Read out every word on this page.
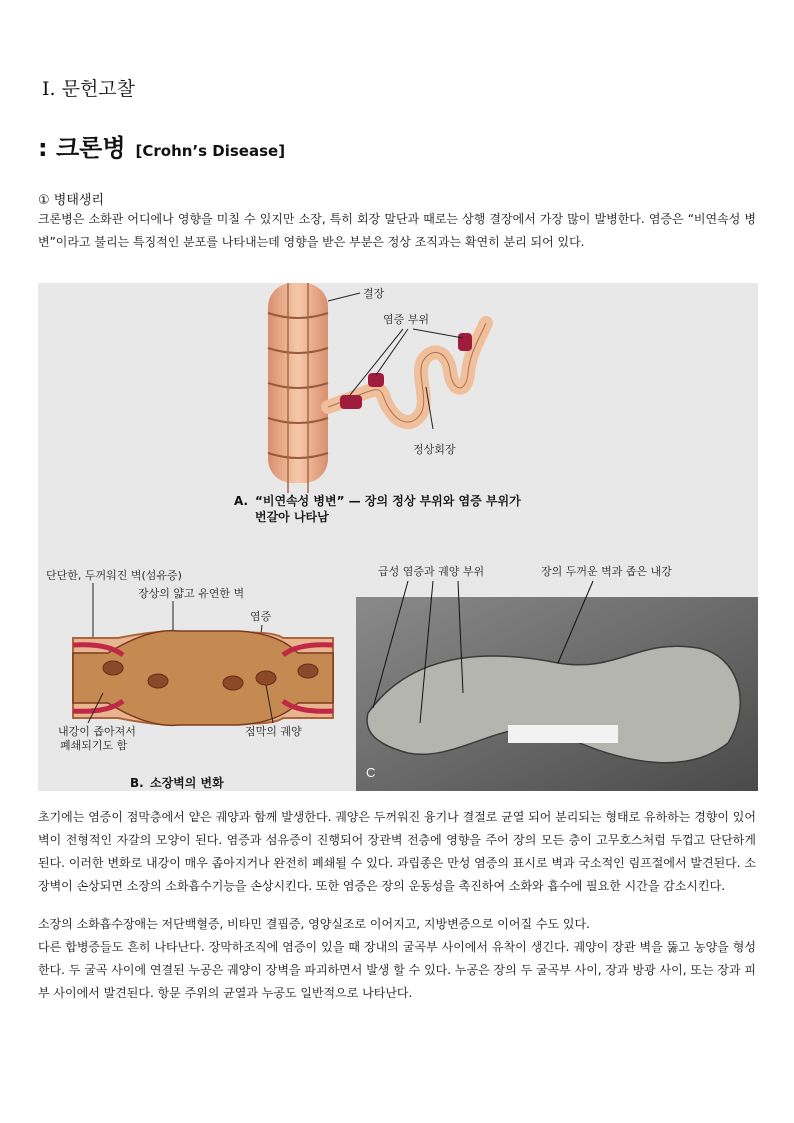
Ⅰ. 문헌고찰
: 크론병 [Crohn’s Disease]
① 병태생리
크론병은 소화관 어디에나 영향을 미칠 수 있지만 소장, 특히 회장 말단과 때로는 상행 결장에서 가장 많이 발병한다. 염증은 “비연속성 병변”이라고 불리는 특징적인 분포를 나타내는데 영향을 받은 부분은 정상 조직과는 확연히 분리 되어 있다.
결장
염증 부위
정상회장
A. “비연속성 병변” — 장의 정상 부위와 염증 부위가
번갈아 나타남
단단한, 두꺼워진 벽(섬유증)
장상의 얇고 유연한 벽
염증
내강이 좁아져서
폐쇄되기도 함
점막의 궤양
B. 소장벽의 변화
급성 염증과 궤양 부위	장의 두꺼운 벽과 좁은 내강
C
초기에는 염증이 점막층에서 얕은 궤양과 함께 발생한다. 궤양은 두꺼워진 융기나 결절로 균열 되어 분리되는 형태로 유하하는 경향이 있어 벽이 전형적인 자갈의 모양이 된다. 염증과 섬유증이 진행되어 장관벽 전층에 영향을 주어 장의 모든 층이 고무호스처럼 두껍고 단단하게 된다. 이러한 변화로 내강이 매우 좁아지거나 완전히 폐쇄될 수 있다. 과립종은 만성 염증의 표시로 벽과 국소적인 림프절에서 발견된다. 소장벽이 손상되면 소장의 소화흡수기능을 손상시킨다. 또한 염증은 장의 운동성을 촉진하여 소화와 흡수에 필요한 시간을 감소시킨다.
소장의 소화흡수장애는 저단백혈증, 비타민 결핍증, 영양실조로 이어지고, 지방변증으로 이어질 수도 있다.
다른 합병증들도 흔히 나타난다. 장막하조직에 염증이 있을 때 장내의 굴곡부 사이에서 유착이 생긴다. 궤양이 장관 벽을 뚫고 농양을 형성한다. 두 굴곡 사이에 연결된 누공은 궤양이 장벽을 파괴하면서 발생 할 수 있다. 누공은 장의 두 굴곡부 사이, 장과 방광 사이, 또는 장과 피부 사이에서 발견된다. 항문 주위의 균열과 누공도 일반적으로 나타난다.
